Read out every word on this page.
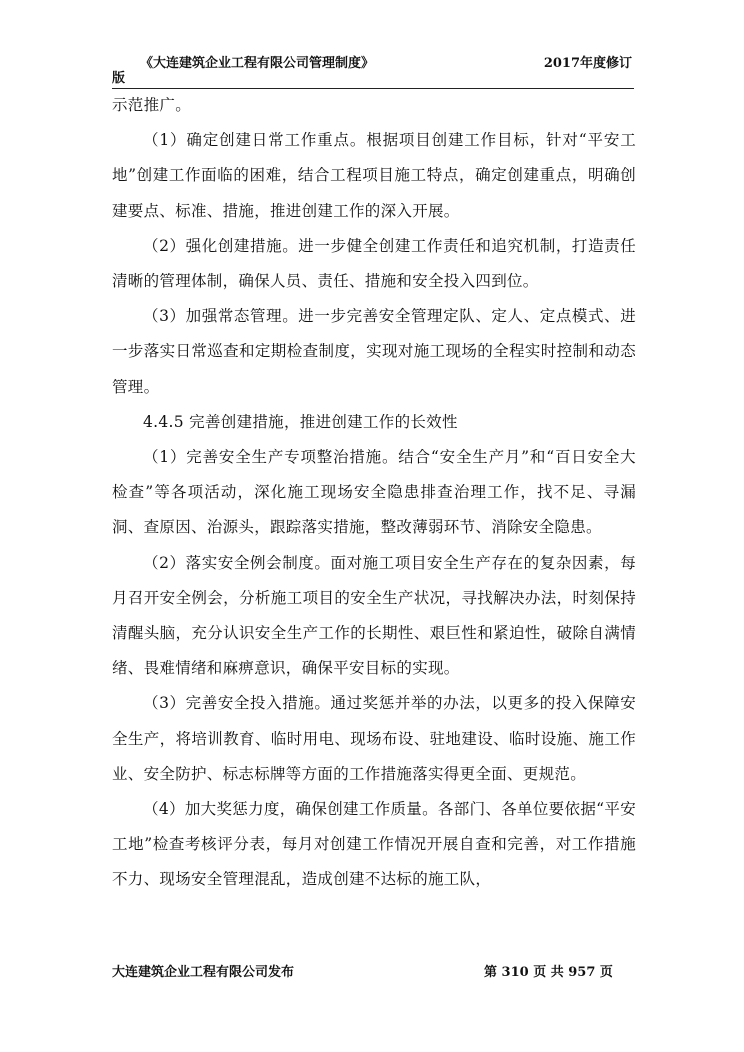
《大连建筑企业工程有限公司管理制度》	2017年度修订
版

示范推广。

（1）确定创建日常工作重点。根据项目创建工作目标，针对“平安工地”创建工作面临的困难，结合工程项目施工特点，确定创建重点，明确创建要点、标准、措施，推进创建工作的深入开展。

（2）强化创建措施。进一步健全创建工作责任和追究机制，打造责任清晰的管理体制，确保人员、责任、措施和安全投入四到位。

（3）加强常态管理。进一步完善安全管理定队、定人、定点模式、进一步落实日常巡查和定期检查制度，实现对施工现场的全程实时控制和动态管理。

4.4.5 完善创建措施，推进创建工作的长效性

（1）完善安全生产专项整治措施。结合“安全生产月”和“百日安全大检查”等各项活动，深化施工现场安全隐患排查治理工作，找不足、寻漏洞、查原因、治源头，跟踪落实措施，整改薄弱环节、消除安全隐患。

（2）落实安全例会制度。面对施工项目安全生产存在的复杂因素，每月召开安全例会，分析施工项目的安全生产状况，寻找解决办法，时刻保持清醒头脑，充分认识安全生产工作的长期性、艰巨性和紧迫性，破除自满情绪、畏难情绪和麻痹意识，确保平安目标的实现。

（3）完善安全投入措施。通过奖惩并举的办法，以更多的投入保障安全生产，将培训教育、临时用电、现场布设、驻地建设、临时设施、施工作业、安全防护、标志标牌等方面的工作措施落实得更全面、更规范。

（4）加大奖惩力度，确保创建工作质量。各部门、各单位要依据“平安工地”检查考核评分表，每月对创建工作情况开展自查和完善，对工作措施不力、现场安全管理混乱，造成创建不达标的施工队，

大连建筑企业工程有限公司发布	第 310 页 共 957 页
